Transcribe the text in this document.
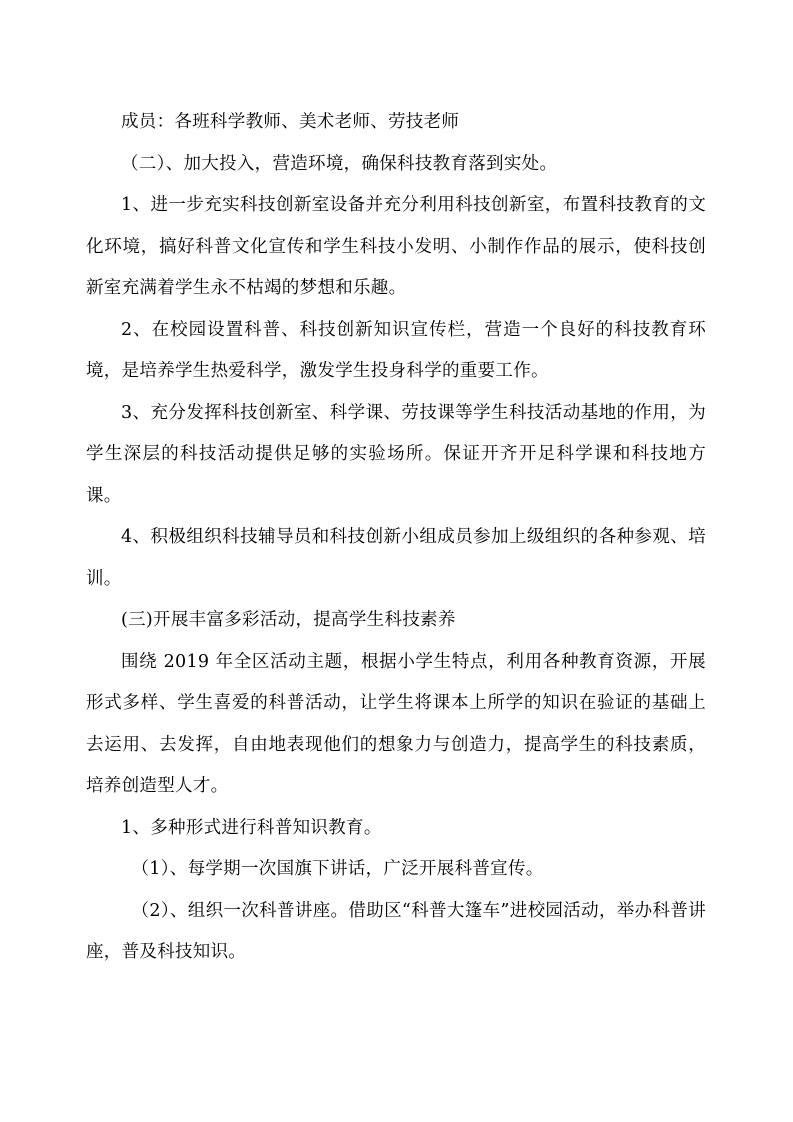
成员：各班科学教师、美术老师、劳技老师

（二）、加大投入，营造环境，确保科技教育落到实处。

1、进一步充实科技创新室设备并充分利用科技创新室，布置科技教育的文化环境，搞好科普文化宣传和学生科技小发明、小制作作品的展示，使科技创新室充满着学生永不枯竭的梦想和乐趣。

2、在校园设置科普、科技创新知识宣传栏，营造一个良好的科技教育环境，是培养学生热爱科学，激发学生投身科学的重要工作。

3、充分发挥科技创新室、科学课、劳技课等学生科技活动基地的作用，为学生深层的科技活动提供足够的实验场所。保证开齐开足科学课和科技地方课。

4、积极组织科技辅导员和科技创新小组成员参加上级组织的各种参观、培训。

(三)开展丰富多彩活动，提高学生科技素养

围绕 2019 年全区活动主题，根据小学生特点，利用各种教育资源，开展形式多样、学生喜爱的科普活动，让学生将课本上所学的知识在验证的基础上去运用、去发挥，自由地表现他们的想象力与创造力，提高学生的科技素质，培养创造型人才。

1、多种形式进行科普知识教育。

（1）、每学期一次国旗下讲话，广泛开展科普宣传。

（2）、组织一次科普讲座。借助区“科普大篷车”进校园活动，举办科普讲座，普及科技知识。
